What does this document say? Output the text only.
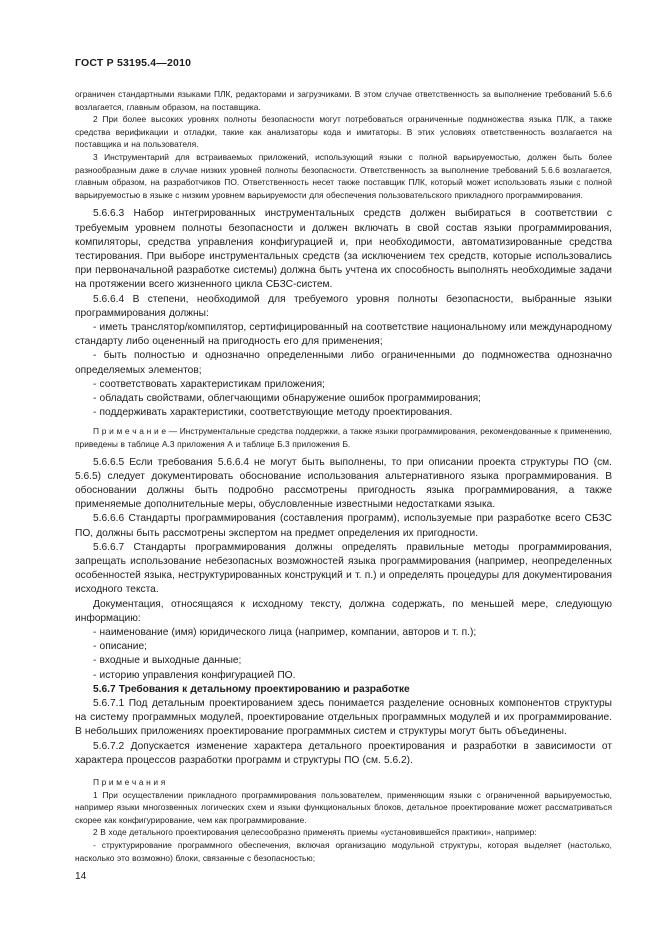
ГОСТ Р 53195.4—2010

ограничен стандартными языками ПЛК, редакторами и загрузчиками. В этом случае ответственность за выполнение требований 5.6.6 возлагается, главным образом, на поставщика.

2 При более высоких уровнях полноты безопасности могут потребоваться ограниченные подмножества языка ПЛК, а также средства верификации и отладки, такие как анализаторы кода и имитаторы. В этих условиях ответственность возлагается на поставщика и на пользователя.

3 Инструментарий для встраиваемых приложений, использующий языки с полной варьируемостью, должен быть более разнообразным даже в случае низких уровней полноты безопасности. Ответственность за выполнение требований 5.6.6 возлагается, главным образом, на разработчиков ПО. Ответственность несет также поставщик ПЛК, который может использовать языки с полной варьируемостью в языке с низким уровнем варьируемости для обеспечения пользовательского прикладного программирования.

5.6.6.3 Набор интегрированных инструментальных средств должен выбираться в соответствии с требуемым уровнем полноты безопасности и должен включать в свой состав языки программирования, компиляторы, средства управления конфигурацией и, при необходимости, автоматизированные средства тестирования. При выборе инструментальных средств (за исключением тех средств, которые использовались при первоначальной разработке системы) должна быть учтена их способность выполнять необходимые задачи на протяжении всего жизненного цикла СБЗС-систем.

5.6.6.4 В степени, необходимой для требуемого уровня полноты безопасности, выбранные языки программирования должны:

- иметь транслятор/компилятор, сертифицированный на соответствие национальному или международному стандарту либо оцененный на пригодность его для применения;

- быть полностью и однозначно определенными либо ограниченными до подмножества однозначно определяемых элементов;

- соответствовать характеристикам приложения;

- обладать свойствами, облегчающими обнаружение ошибок программирования;

- поддерживать характеристики, соответствующие методу проектирования.

П р и м е ч а н и е — Инструментальные средства поддержки, а также языки программирования, рекомендованные к применению, приведены в таблице А.3 приложения А и таблице Б.3 приложения Б.

5.6.6.5 Если требования 5.6.6.4 не могут быть выполнены, то при описании проекта структуры ПО (см. 5.6.5) следует документировать обоснование использования альтернативного языка программирования. В обосновании должны быть подробно рассмотрены пригодность языка программирования, а также применяемые дополнительные меры, обусловленные известными недостатками языка.

5.6.6.6 Стандарты программирования (составления программ), используемые при разработке всего СБЗС ПО, должны быть рассмотрены экспертом на предмет определения их пригодности.

5.6.6.7 Стандарты программирования должны определять правильные методы программирования, запрещать использование небезопасных возможностей языка программирования (например, неопределенных особенностей языка, неструктурированных конструкций и т. п.) и определять процедуры для документирования исходного текста.

Документация, относящаяся к исходному тексту, должна содержать, по меньшей мере, следующую информацию:

- наименование (имя) юридического лица (например, компании, авторов и т. п.);

- описание;

- входные и выходные данные;

- историю управления конфигурацией ПО.

5.6.7 Требования к детальному проектированию и разработке

5.6.7.1 Под детальным проектированием здесь понимается разделение основных компонентов структуры на систему программных модулей, проектирование отдельных программных модулей и их программирование. В небольших приложениях проектирование программных систем и структуры могут быть объединены.

5.6.7.2 Допускается изменение характера детального проектирования и разработки в зависимости от характера процессов разработки программ и структуры ПО (см. 5.6.2).

П р и м е ч а н и я

1 При осуществлении прикладного программирования пользователем, применяющим языки с ограниченной варьируемостью, например языки многозвенных логических схем и языки функциональных блоков, детальное проектирование может рассматриваться скорее как конфигурирование, чем как программирование.

2 В ходе детального проектирования целесообразно применять приемы «установившейся практики», например:

- структурирование программного обеспечения, включая организацию модульной структуры, которая выделяет (настолько, насколько это возможно) блоки, связанные с безопасностью;

14
